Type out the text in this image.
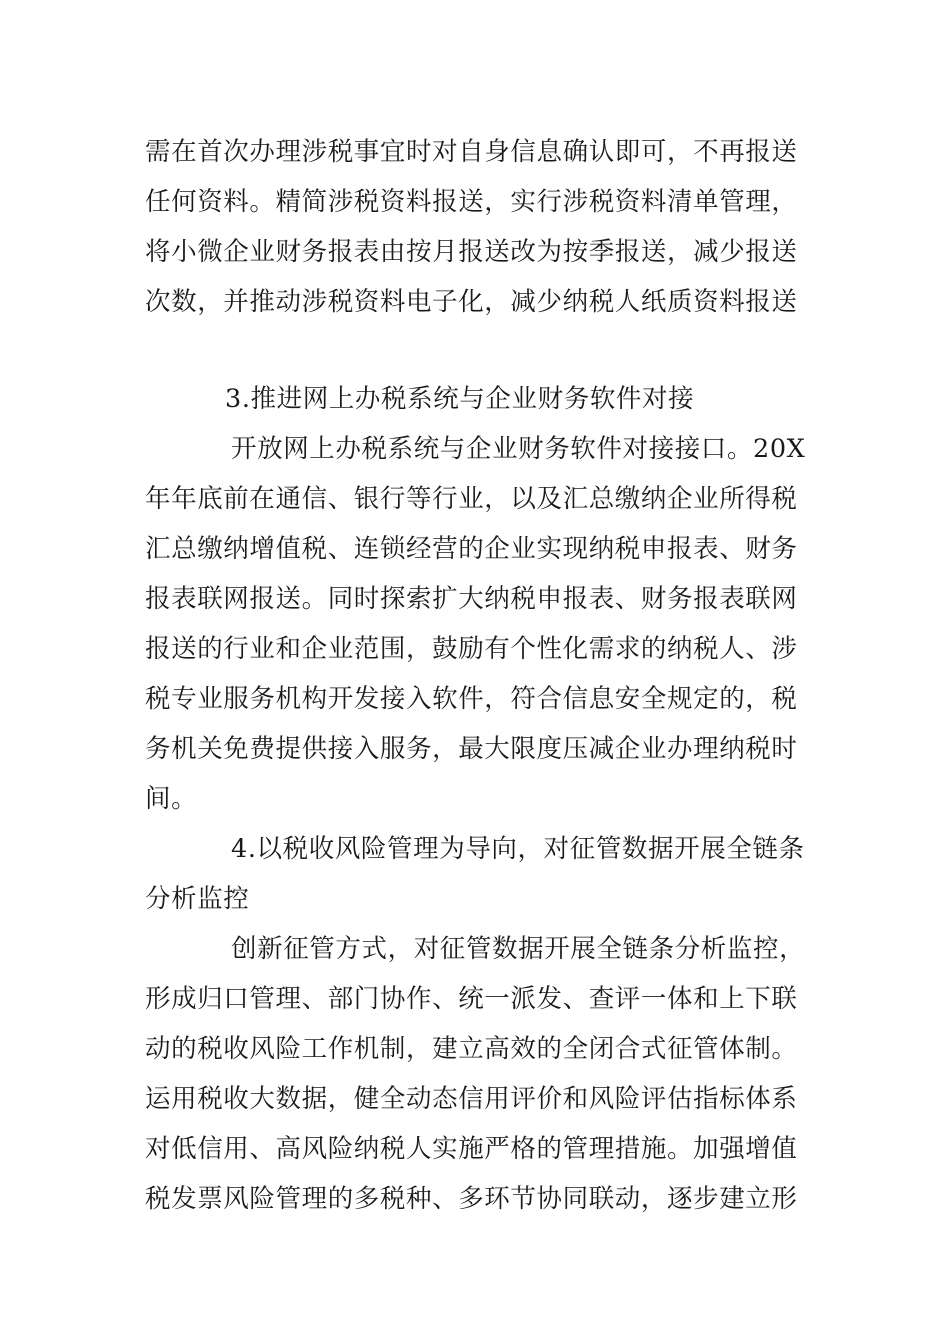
需在首次办理涉税事宜时对自身信息确认即可，不再报送
任何资料。精简涉税资料报送，实行涉税资料清单管理，
将小微企业财务报表由按月报送改为按季报送，减少报送
次数，并推动涉税资料电子化，减少纳税人纸质资料报送
3.推进网上办税系统与企业财务软件对接
开放网上办税系统与企业财务软件对接接口。20X
年年底前在通信、银行等行业，以及汇总缴纳企业所得税
汇总缴纳增值税、连锁经营的企业实现纳税申报表、财务
报表联网报送。同时探索扩大纳税申报表、财务报表联网
报送的行业和企业范围，鼓励有个性化需求的纳税人、涉
税专业服务机构开发接入软件，符合信息安全规定的，税
务机关免费提供接入服务，最大限度压减企业办理纳税时
间。
4.以税收风险管理为导向，对征管数据开展全链条
分析监控
创新征管方式，对征管数据开展全链条分析监控，
形成归口管理、部门协作、统一派发、查评一体和上下联
动的税收风险工作机制，建立高效的全闭合式征管体制。
运用税收大数据，健全动态信用评价和风险评估指标体系
对低信用、高风险纳税人实施严格的管理措施。加强增值
税发票风险管理的多税种、多环节协同联动，逐步建立形
